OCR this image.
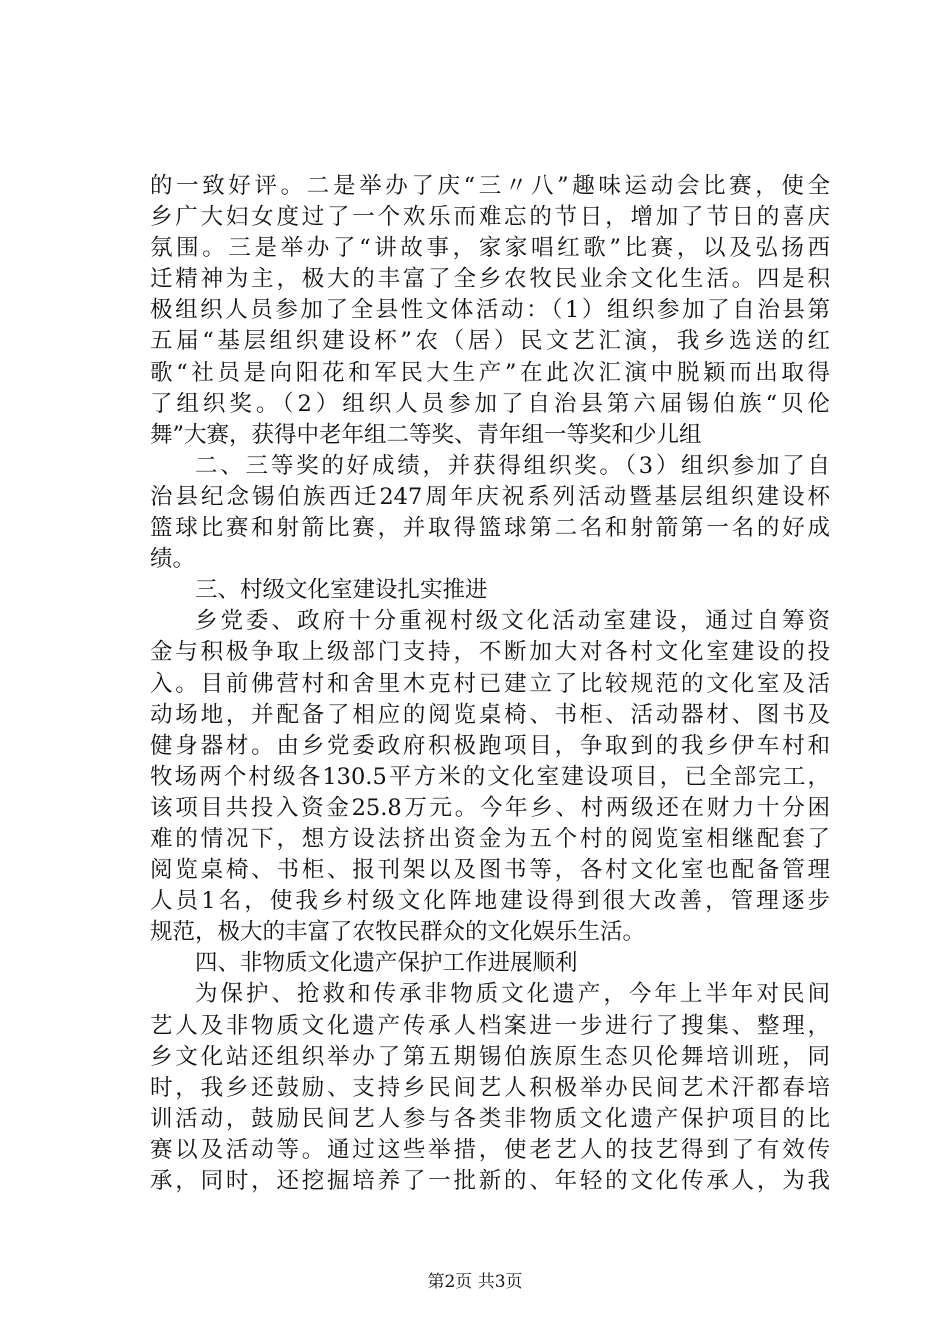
的一致好评。二是举办了庆“三〃八”趣味运动会比赛，使全
乡广大妇女度过了一个欢乐而难忘的节日，增加了节日的喜庆
氛围。三是举办了“讲故事，家家唱红歌”比赛，以及弘扬西
迁精神为主，极大的丰富了全乡农牧民业余文化生活。四是积
极组织人员参加了全县性文体活动：（1）组织参加了自治县第
五届“基层组织建设杯”农（居）民文艺汇演，我乡选送的红
歌“社员是向阳花和军民大生产”在此次汇演中脱颖而出取得
了组织奖。（2）组织人员参加了自治县第六届锡伯族“贝伦
舞”大赛，获得中老年组二等奖、青年组一等奖和少儿组
二、三等奖的好成绩，并获得组织奖。（3）组织参加了自
治县纪念锡伯族西迁247周年庆祝系列活动暨基层组织建设杯
篮球比赛和射箭比赛，并取得篮球第二名和射箭第一名的好成
绩。
三、村级文化室建设扎实推进
乡党委、政府十分重视村级文化活动室建设，通过自筹资
金与积极争取上级部门支持，不断加大对各村文化室建设的投
入。目前佛营村和舍里木克村已建立了比较规范的文化室及活
动场地，并配备了相应的阅览桌椅、书柜、活动器材、图书及
健身器材。由乡党委政府积极跑项目，争取到的我乡伊车村和
牧场两个村级各130.5平方米的文化室建设项目，已全部完工，
该项目共投入资金25.8万元。今年乡、村两级还在财力十分困
难的情况下，想方设法挤出资金为五个村的阅览室相继配套了
阅览桌椅、书柜、报刊架以及图书等，各村文化室也配备管理
人员1名，使我乡村级文化阵地建设得到很大改善，管理逐步
规范，极大的丰富了农牧民群众的文化娱乐生活。
四、非物质文化遗产保护工作进展顺利
为保护、抢救和传承非物质文化遗产，今年上半年对民间
艺人及非物质文化遗产传承人档案进一步进行了搜集、整理，
乡文化站还组织举办了第五期锡伯族原生态贝伦舞培训班，同
时，我乡还鼓励、支持乡民间艺人积极举办民间艺术汗都春培
训活动，鼓励民间艺人参与各类非物质文化遗产保护项目的比
赛以及活动等。通过这些举措，使老艺人的技艺得到了有效传
承，同时，还挖掘培养了一批新的、年轻的文化传承人，为我
第2页 共3页
